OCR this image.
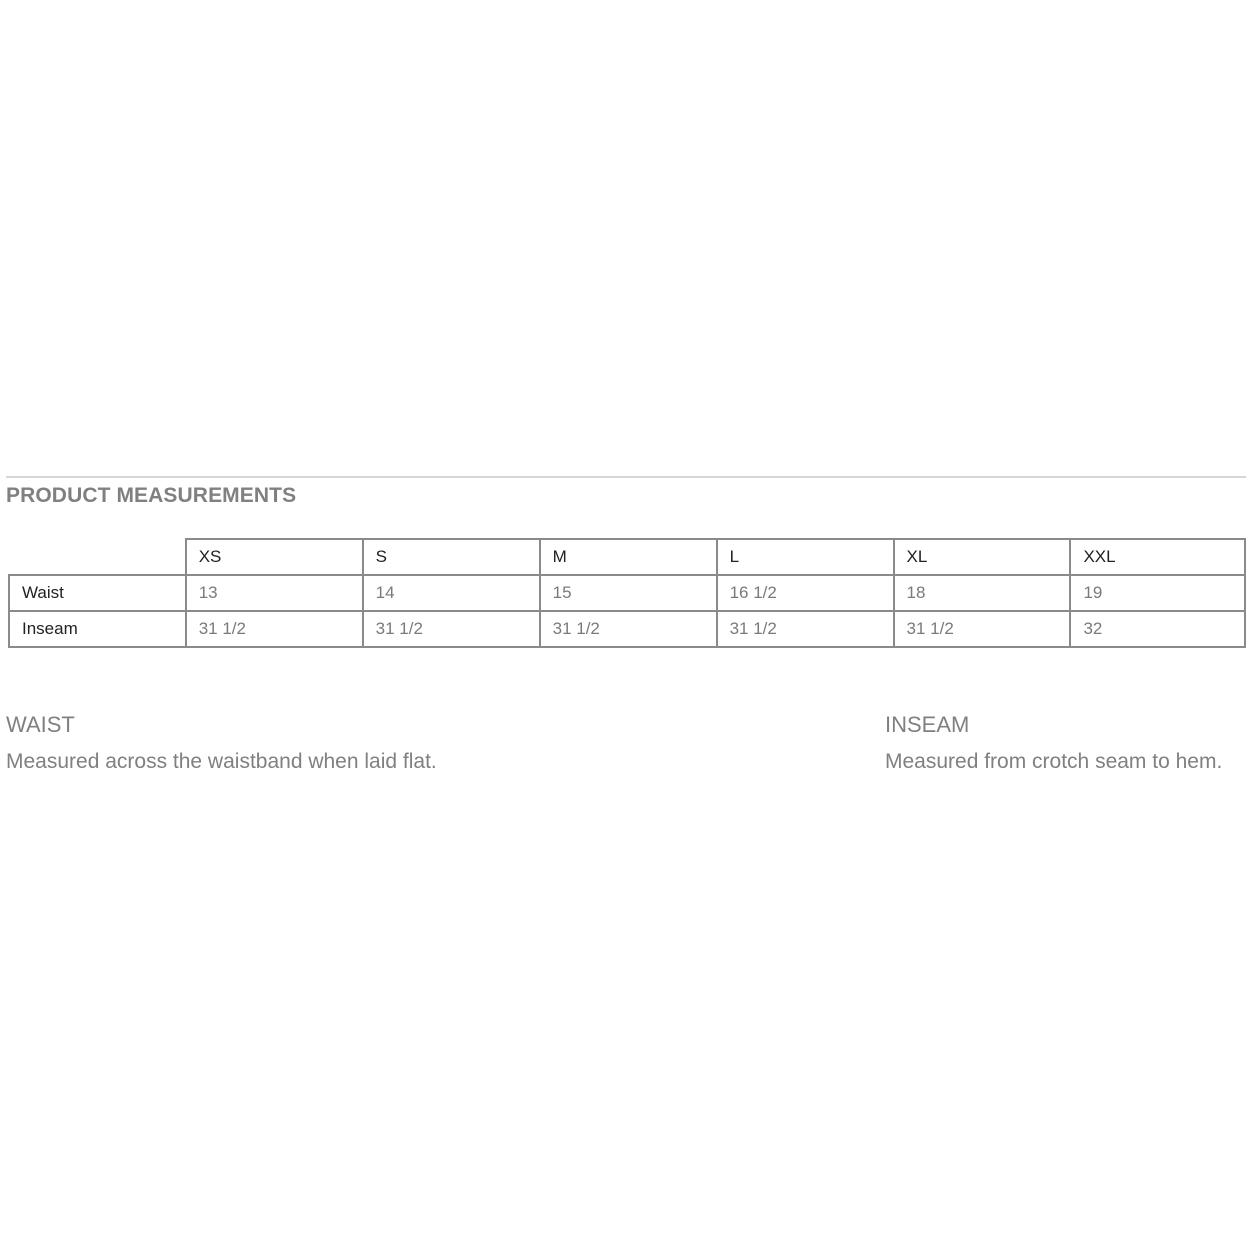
PRODUCT MEASUREMENTS
	XS	S	M	L	XL	XXL
Waist	13	14	15	16 1/2	18	19
Inseam	31 1/2	31 1/2	31 1/2	31 1/2	31 1/2	32
WAIST
Measured across the waistband when laid flat.
INSEAM
Measured from crotch seam to hem.
